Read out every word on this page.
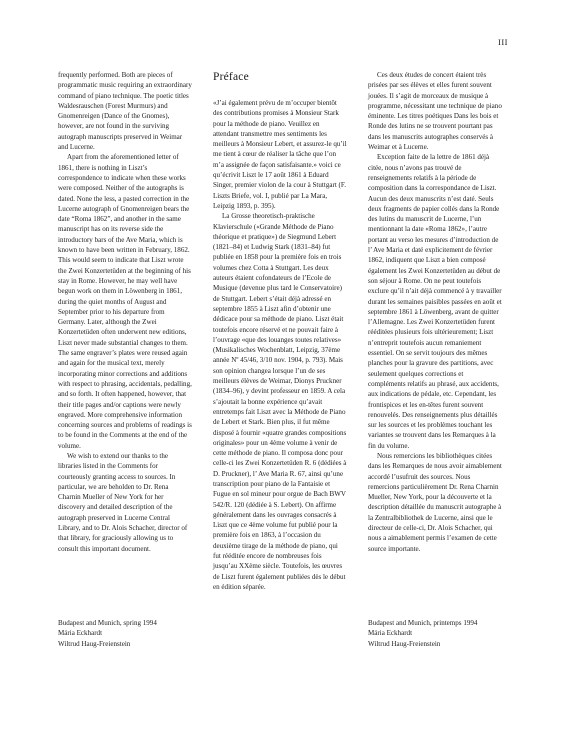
III

frequently performed. Both are pieces of programmatic music requiring an extraordinary command of piano technique. The poetic titles Waldesrauschen (Forest Murmurs) and Gnomenreigen (Dance of the Gnomes), however, are not found in the surviving autograph manuscripts preserved in Weimar and Lucerne.

Apart from the aforementioned letter of 1861, there is nothing in Liszt’s correspondence to indicate when these works were composed. Neither of the autographs is dated. None the less, a pasted correction in the Lucerne autograph of Gnomenreigen bears the date “Roma 1862”, and another in the same manuscript has on its reverse side the introductory bars of the Ave Maria, which is known to have been written in February, 1862. This would seem to indicate that Liszt wrote the Zwei Konzertetüden at the beginning of his stay in Rome. However, he may well have begun work on them in Löwenberg in 1861, during the quiet months of August and September prior to his departure from Germany. Later, although the Zwei Konzertetüden often underwent new editions, Liszt never made substantial changes to them. The same engraver’s plates were reused again and again for the musical text, merely incorporating minor corrections and additions with respect to phrasing, accidentals, pedalling, and so forth. It often happened, however, that their title pages and/or captions were newly engraved. More comprehensive information concerning sources and problems of readings is to be found in the Comments at the end of the volume.

We wish to extend our thanks to the libraries listed in the Comments for courteously granting access to sources. In particular, we are beholden to Dr. Rena Charnin Mueller of New York for her discovery and detailed description of the autograph preserved in Lucerne Central Library, and to Dr. Alois Schacher, director of that library, for graciously allowing us to consult this important document.

Préface

«J’ai également prévu de m’occuper bientôt des contributions promises à Monsieur Stark pour la méthode de piano. Veuillez en attendant transmettre mes sentiments les meilleurs à Monsieur Lebert, et assurez-le qu’il me tient à cœur de réaliser la tâche que l’on m’a assignée de façon satisfaisante.» voici ce qu’écrivit Liszt le 17 août 1861 à Eduard Singer, premier violon de la cour à Stuttgart (F. Liszts Briefe, vol. I, publié par La Mara, Leipzig 1893, p. 395).

La Grosse theoretisch-praktische Klavierschule («Grande Méthode de Piano théorique et pratique») de Siegmund Lebert (1821–84) et Ludwig Stark (1831–84) fut publiée en 1858 pour la première fois en trois volumes chez Cotta à Stuttgart. Les deux auteurs étaient cofondateurs de l’Ecole de Musique (devenue plus tard le Conservatoire) de Stuttgart. Lebert s’était déjà adressé en septembre 1855 à Liszt afin d’obtenir une dédicace pour sa méthode de piano. Liszt était toutefois encore réservé et ne pouvait faire à l’ouvrage «que des louanges toutes relatives» (Musikalisches Wochenblatt, Leipzig, 37ème année Nº 45/46, 3/10 nov. 1904, p. 793). Mais son opinion changea lorsque l’un de ses meilleurs élèves de Weimar, Dionys Pruckner (1834–96), y devint professeur en 1859. A cela s’ajoutait la bonne expérience qu’avait entretemps fait Liszt avec la Méthode de Piano de Lebert et Stark. Bien plus, il fut même disposé à fournir «quatre grandes compositions originales» pour un 4ème volume à venir de cette méthode de piano. Il composa donc pour celle-ci les Zwei Konzertetüden R. 6 (dédiées à D. Pruckner), l’ Ave Maria R. 67, ainsi qu’une transcription pour piano de la Fantaisie et Fugue en sol mineur pour orgue de Bach BWV 542/R. 120 (dédiée à S. Lebert). On affirme généralement dans les ouvrages consacrés à Liszt que ce 4ème volume fut publié pour la première fois en 1863, à l’occasion du deuxième tirage de la méthode de piano, qui fut rééditée encore de nombreuses fois jusqu’au XXème siècle. Toutefois, les œuvres de Liszt furent également publiées dès le début en édition séparée.

Ces deux études de concert étaient très prisées par ses élèves et elles furent souvent jouées. Il s’agit de morceaux de musique à programme, nécessitant une technique de piano éminente. Les titres poétiques Dans les bois et Ronde des lutins ne se trouvent pourtant pas dans les manuscrits autographes conservés à Weimar et à Lucerne.

Exception faite de la lettre de 1861 déjà citée, nous n’avons pas trouvé de renseignements relatifs à la période de composition dans la correspondance de Liszt. Aucun des deux manuscrits n’est daté. Seuls deux fragments de papier collés dans la Ronde des lutins du manuscrit de Lucerne, l’un mentionnant la date «Roma 1862», l’autre portant au verso les mesures d’introduction de l’ Ave Maria et daté explicitement de février 1862, indiquent que Liszt a bien composé également les Zwei Konzertetüden au début de son séjour à Rome. On ne peut toutefois exclure qu’il n’ait déjà commencé à y travailler durant les semaines paisibles passées en août et septembre 1861 à Löwenberg, avant de quitter l’Allemagne. Les Zwei Konzertetüden furent rééditées plusieurs fois ultérieurement; Liszt n’entreprit toutefois aucun remaniement essentiel. On se servit toujours des mêmes planches pour la gravure des partitions, avec seulement quelques corrections et compléments relatifs au phrasé, aux accidents, aux indications de pédale, etc. Cependant, les frontispices et les en-têtes furent souvent renouvelés. Des renseignements plus détaillés sur les sources et les problèmes touchant les variantes se trouvent dans les Remarques à la fin du volume.

Nous remercions les bibliothèques citées dans les Remarques de nous avoir aimablement accordé l’usufruit des sources. Nous remercions particulièrement Dr. Rena Charnin Mueller, New York, pour la découverte et la description détaillée du manuscrit autographe à la Zentralbibliothek de Lucerne, ainsi que le directeur de celle-ci, Dr. Alois Schacher, qui nous a aimablement permis l’examen de cette source importante.

Budapest and Munich, spring 1994

Mária Eckhardt

Wiltrud Haug-Freienstein

Budapest and Munich, printemps 1994

Mária Eckhardt

Wiltrud Haug-Freienstein
